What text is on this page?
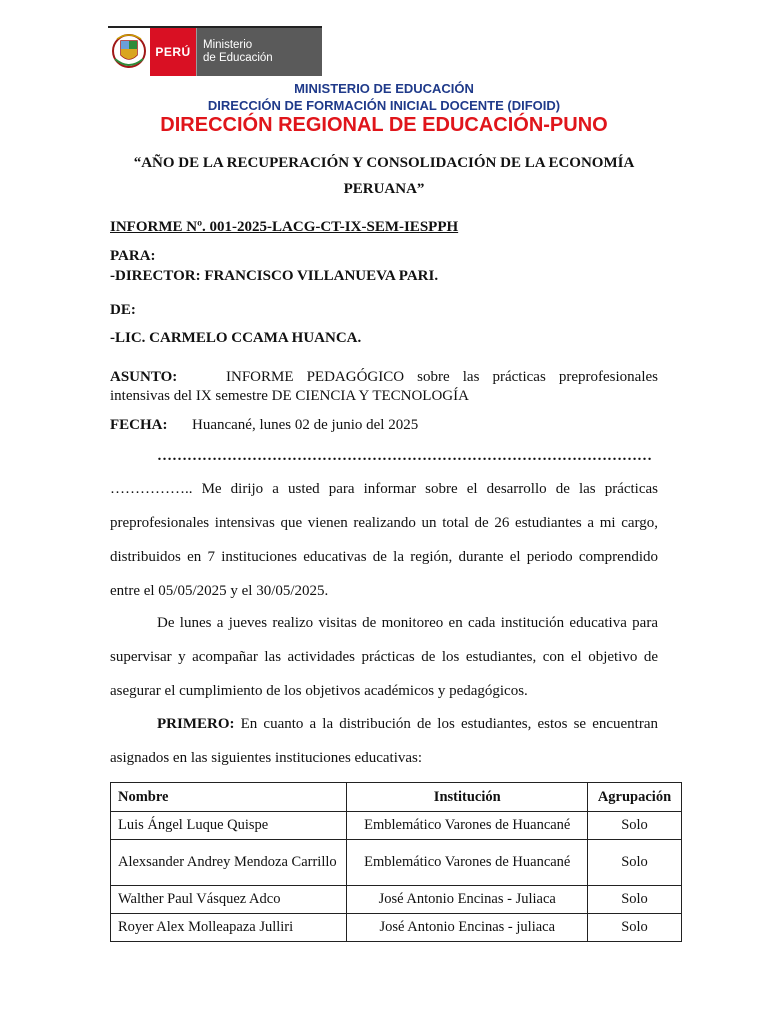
PERÚ	Ministerio
de Educación
MINISTERIO DE EDUCACIÓN
DIRECCIÓN DE FORMACIÓN INICIAL DOCENTE (DIFOID)
DIRECCIÓN REGIONAL DE EDUCACIÓN-PUNO
“AÑO DE LA RECUPERACIÓN Y CONSOLIDACIÓN DE LA ECONOMÍA
PERUANA”
INFORME Nº. 001-2025-LACG-CT-IX-SEM-IESPPH
PARA:
-DIRECTOR: FRANCISCO VILLANUEVA PARI.
DE:
-LIC. CARMELO CCAMA HUANCA.
ASUNTO:	INFORME PEDAGÓGICO sobre las prácticas preprofesionales
intensivas del IX semestre DE CIENCIA Y TECNOLOGÍA
FECHA: Huancané, lunes 02 de junio del 2025
………………………………………………………………………………………
…………….. Me dirijo a usted para informar sobre el desarrollo de las prácticas
preprofesionales intensivas que vienen realizando un total de 26 estudiantes a mi cargo,
distribuidos en 7 instituciones educativas de la región, durante el periodo comprendido
entre el 05/05/2025 y el 30/05/2025.
De lunes a jueves realizo visitas de monitoreo en cada institución educativa para
supervisar y acompañar las actividades prácticas de los estudiantes, con el objetivo de
asegurar el cumplimiento de los objetivos académicos y pedagógicos.
PRIMERO: En cuanto a la distribución de los estudiantes, estos se encuentran
asignados en las siguientes instituciones educativas:
Nombre	Institución	Agrupación
Luis Ángel Luque Quispe	Emblemático Varones de Huancané	Solo
Alexsander Andrey Mendoza Carrillo	Emblemático Varones de Huancané	Solo
Walther Paul Vásquez Adco	José Antonio Encinas - Juliaca	Solo
Royer Alex Molleapaza Julliri	José Antonio Encinas - juliaca	Solo
